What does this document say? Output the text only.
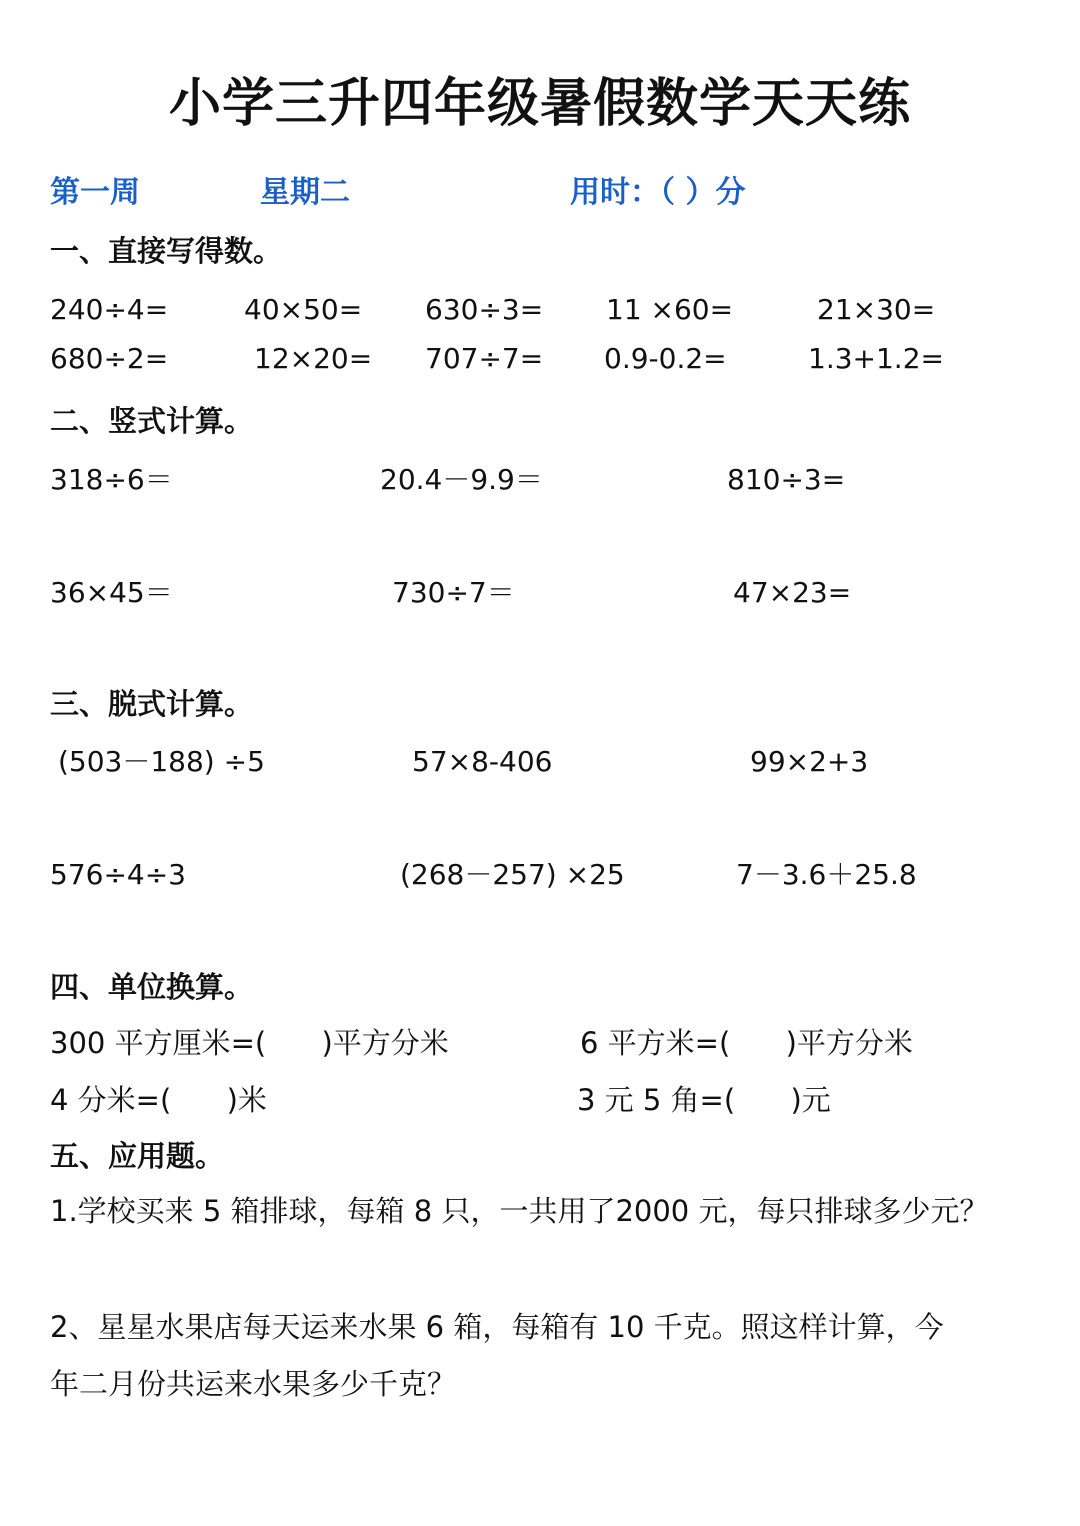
小学三升四年级暑假数学天天练
第一周	星期二	用时：（ ）分
一、直接写得数。
240÷4=	40×50= 630÷3= 11 ×60=	21×30=
680÷2=	12×20= 707÷7= 0.9-0.2=	1.3+1.2=
二、竖式计算。
318÷6＝	20.4－9.9＝	810÷3=
36×45＝	730÷7＝	47×23=
三、脱式计算。
(503－188) ÷5	57×8-406	99×2+3
576÷4÷3	(268－257) ×25	7－3.6＋25.8
四、单位换算。
300 平方厘米=(      )平方分米	6 平方米=(      )平方分米
4 分米=(      )米	3 元 5 角=(      )元
五、应用题。
1.学校买来 5 箱排球，每箱 8 只，一共用了2000 元，每只排球多少元？
2、星星水果店每天运来水果 6 箱，每箱有 10 千克。照这样计算，今
年二月份共运来水果多少千克？
